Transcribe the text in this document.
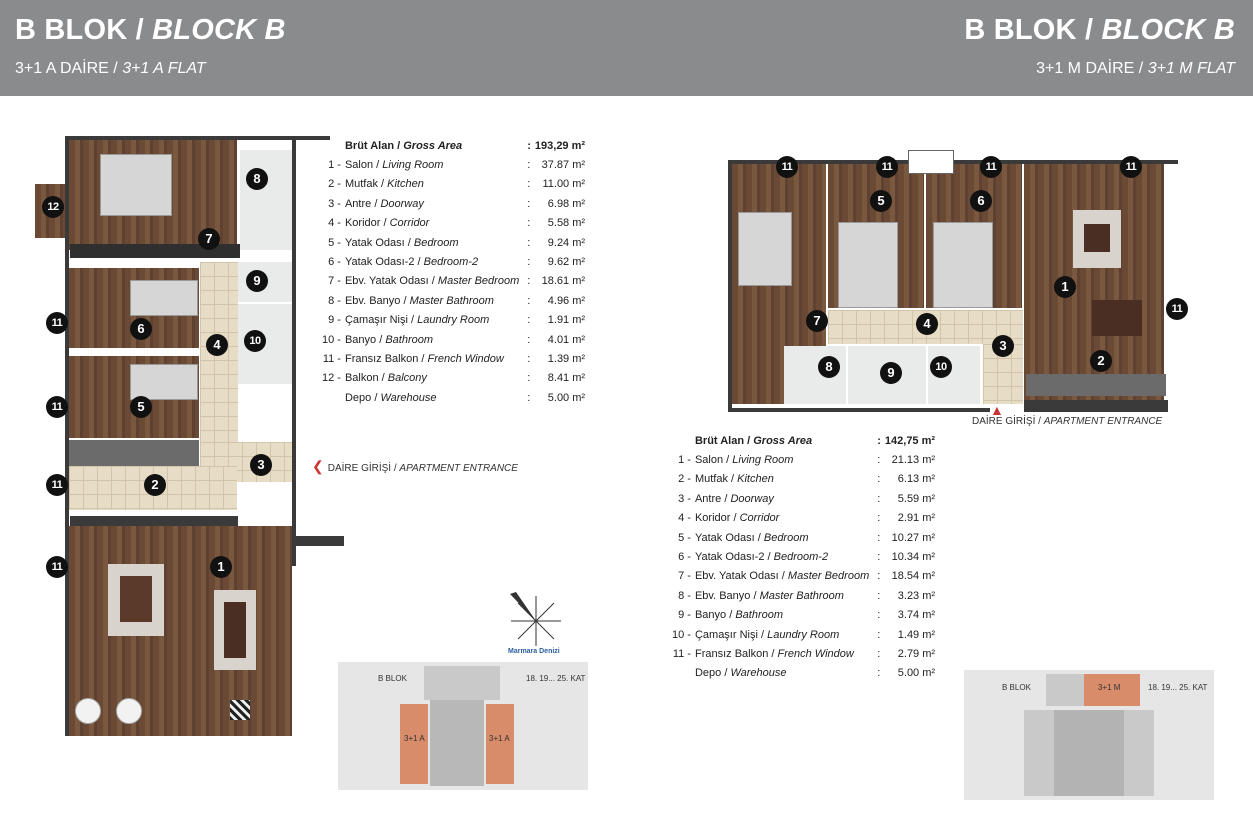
B BLOK / BLOCK B
3+1 A DAİRE / 3+1 A FLAT
B BLOK / BLOCK B
3+1 M DAİRE / 3+1 M FLAT
1
2
3
4
5
6
7
8
9
10
11
11
11
11
12
	Brüt Alan / Gross Area	:	193,29 m²
1 -	Salon / Living Room	:	37.87 m²
2 -	Mutfak / Kitchen	:	11.00 m²
3 -	Antre / Doorway	:	6.98 m²
4 -	Koridor / Corridor	:	5.58 m²
5 -	Yatak Odası / Bedroom	:	9.24 m²
6 -	Yatak Odası-2 / Bedroom-2	:	9.62 m²
7 -	Ebv. Yatak Odası / Master Bedroom	:	18.61 m²
8 -	Ebv. Banyo / Master Bathroom	:	4.96 m²
9 -	Çamaşır Nişi / Laundry Room	:	1.91 m²
10 -	Banyo / Bathroom	:	4.01 m²
11 -	Fransız Balkon / French Window	:	1.39 m²
12 -	Balkon / Balcony	:	8.41 m²
	Depo / Warehouse	:	5.00 m²
❮ DAİRE GİRİŞİ / APARTMENT ENTRANCE
Marmara Denizi
B BLOK	18. 19... 25. KAT
3+1 A	3+1 A
1
2
3
4
5	6
7
8	9	10
11	11	11	11
11
▲
DAİRE GİRİŞİ / APARTMENT ENTRANCE
	Brüt Alan / Gross Area	:	142,75 m²
1 -	Salon / Living Room	:	21.13 m²
2 -	Mutfak / Kitchen	:	6.13 m²
3 -	Antre / Doorway	:	5.59 m²
4 -	Koridor / Corridor	:	2.91 m²
5 -	Yatak Odası / Bedroom	:	10.27 m²
6 -	Yatak Odası-2 / Bedroom-2	:	10.34 m²
7 -	Ebv. Yatak Odası / Master Bedroom	:	18.54 m²
8 -	Ebv. Banyo / Master Bathroom	:	3.23 m²
9 -	Banyo / Bathroom	:	3.74 m²
10 -	Çamaşır Nişi / Laundry Room	:	1.49 m²
11 -	Fransız Balkon / French Window	:	2.79 m²
	Depo / Warehouse	:	5.00 m²
B BLOK	3+1 M	18. 19... 25. KAT
